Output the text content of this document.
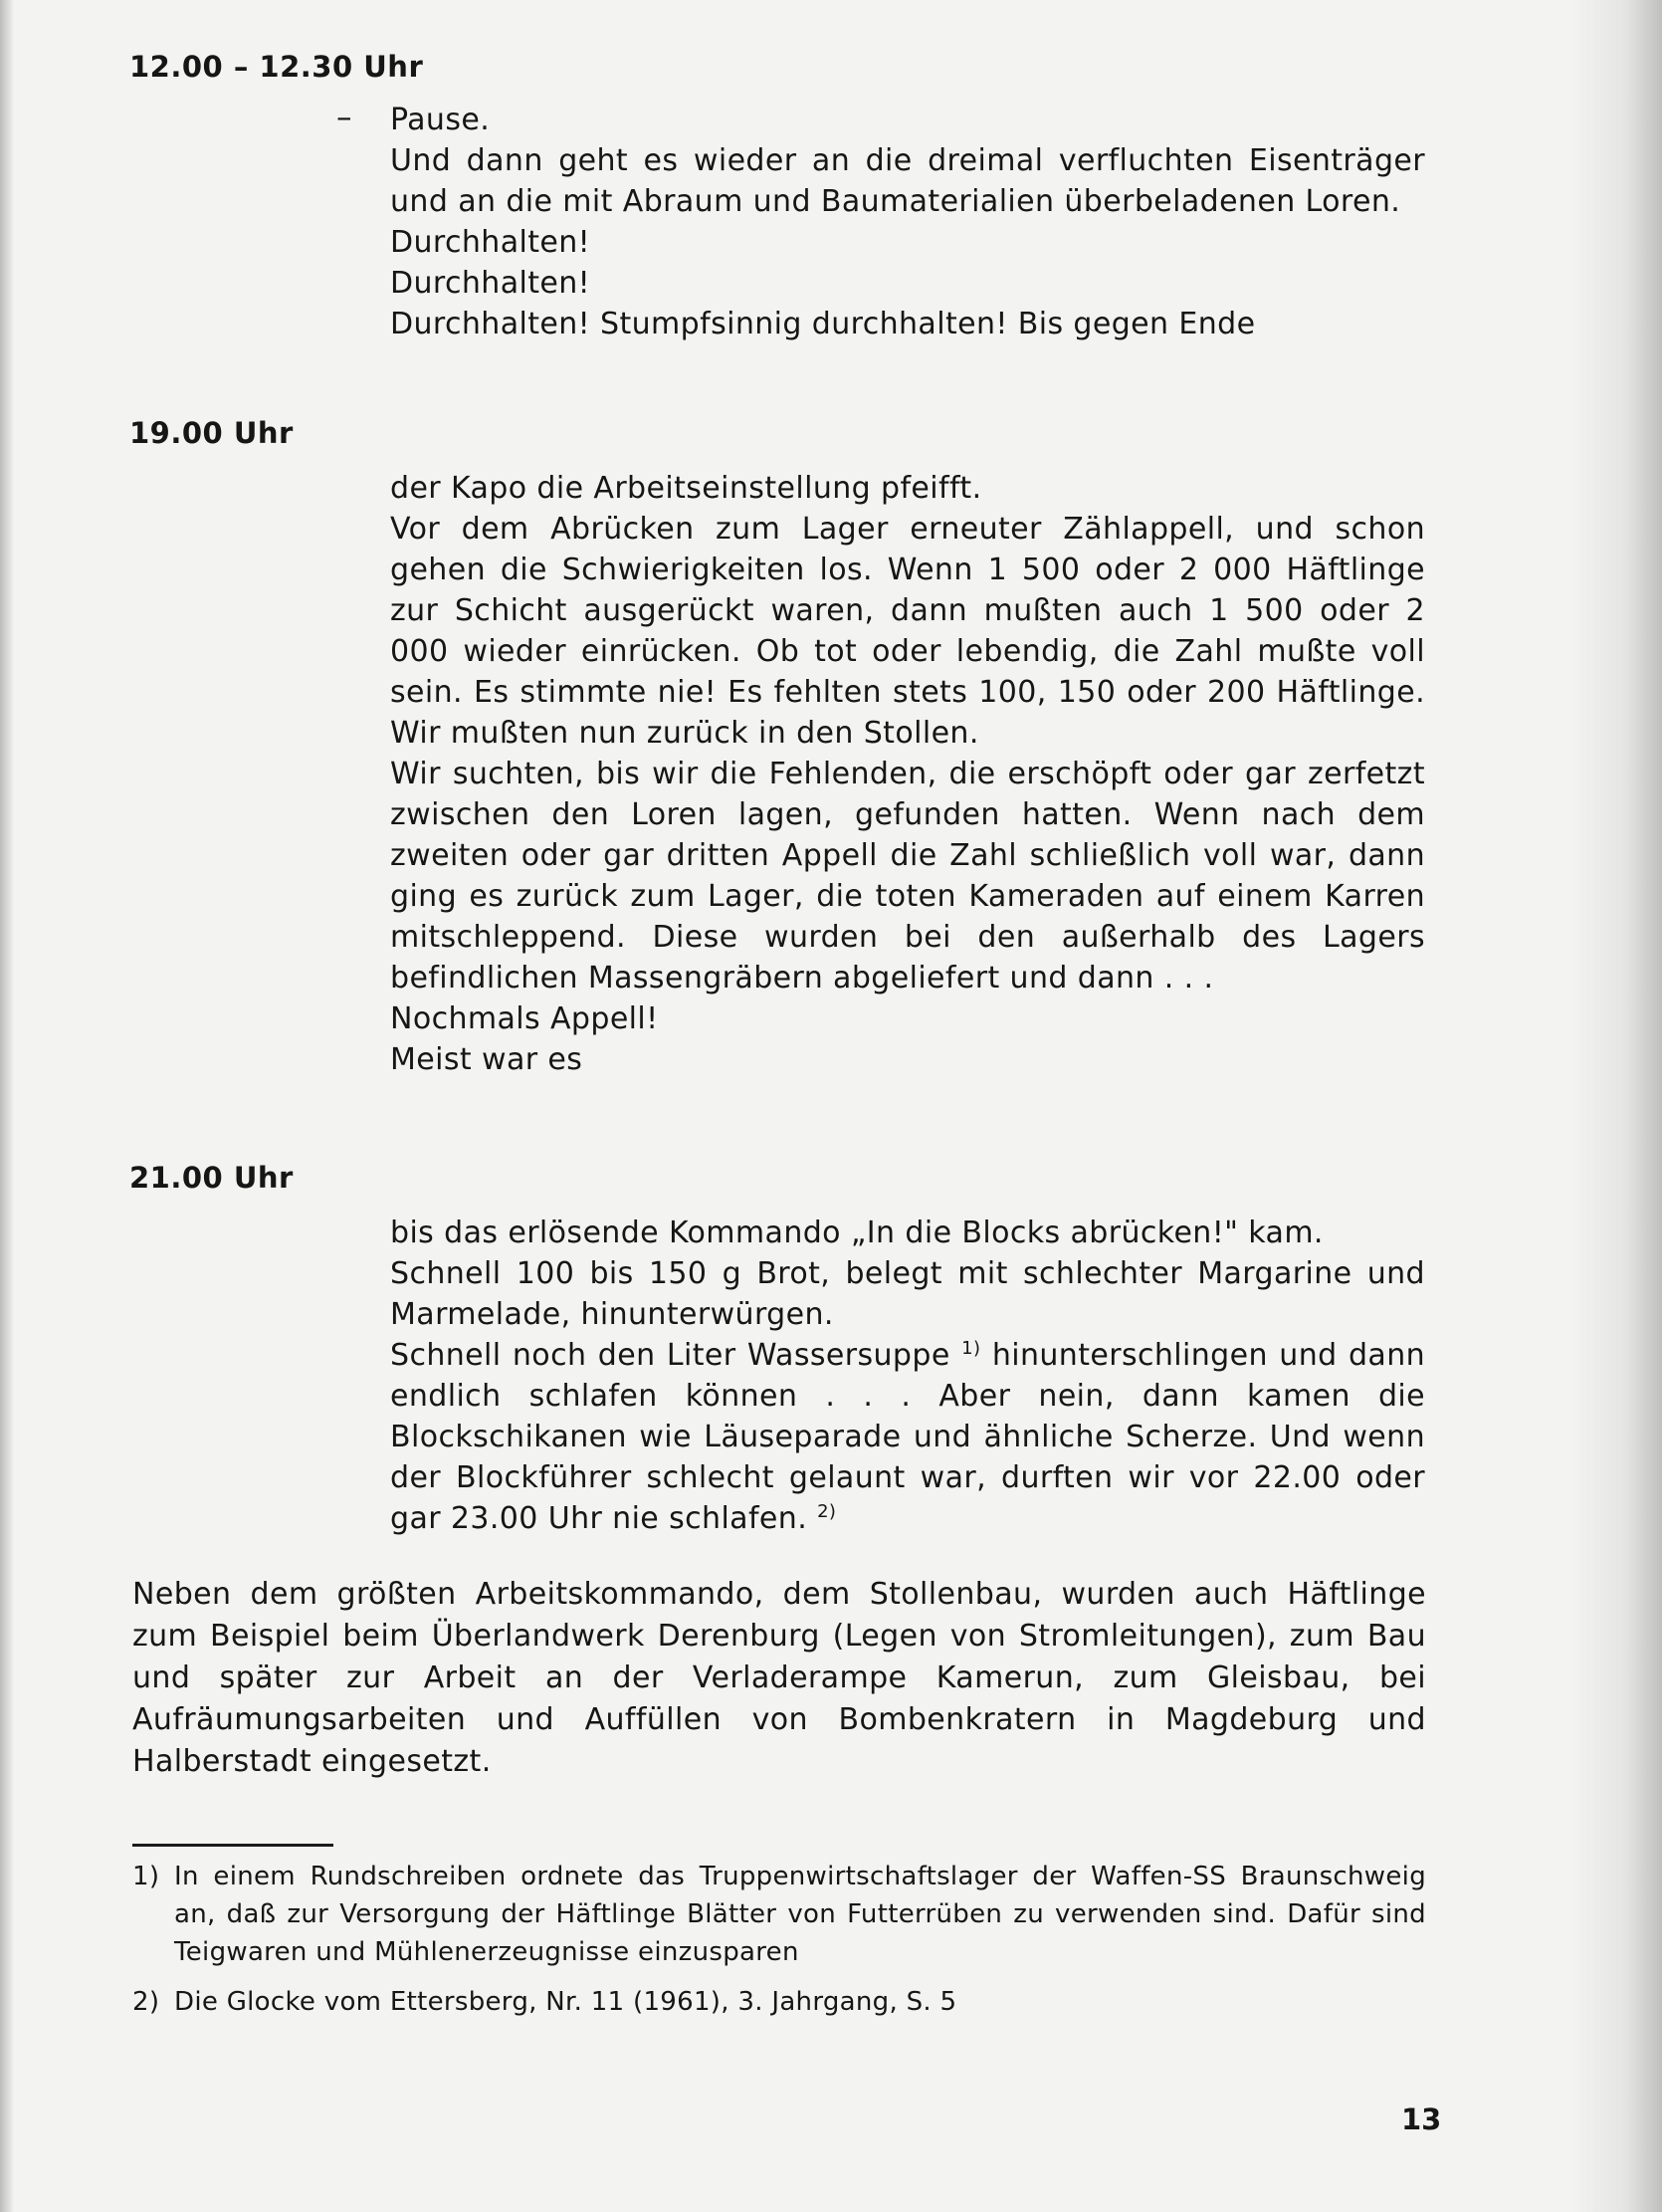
12.00 – 12.30 Uhr
– Pause.

Und dann geht es wieder an die dreimal verfluchten Eisenträger und an die mit Abraum und Baumaterialien überbeladenen Loren.

Durchhalten!

Durchhalten!

Durchhalten! Stumpfsinnig durchhalten! Bis gegen Ende

19.00 Uhr

der Kapo die Arbeitseinstellung pfeifft.

Vor dem Abrücken zum Lager erneuter Zählappell, und schon gehen die Schwierigkeiten los. Wenn 1 500 oder 2 000 Häftlinge zur Schicht ausgerückt waren, dann mußten auch 1 500 oder 2 000 wieder einrücken. Ob tot oder lebendig, die Zahl mußte voll sein. Es stimmte nie! Es fehlten stets 100, 150 oder 200 Häftlinge. Wir mußten nun zurück in den Stollen.

Wir suchten, bis wir die Fehlenden, die erschöpft oder gar zerfetzt zwischen den Loren lagen, gefunden hatten. Wenn nach dem zweiten oder gar dritten Appell die Zahl schließlich voll war, dann ging es zurück zum Lager, die toten Kameraden auf einem Karren mitschleppend. Diese wurden bei den außerhalb des Lagers befindlichen Massengräbern abgeliefert und dann . . .

Nochmals Appell!

Meist war es

21.00 Uhr

bis das erlösende Kommando „In die Blocks abrücken!" kam.

Schnell 100 bis 150 g Brot, belegt mit schlechter Margarine und Marmelade, hinunterwürgen.

Schnell noch den Liter Wassersuppe $^{1)}$ hinunterschlingen und dann endlich schlafen können . . . Aber nein, dann kamen die Blockschikanen wie Läuseparade und ähnliche Scherze. Und wenn der Blockführer schlecht gelaunt war, durften wir vor 22.00 oder gar 23.00 Uhr nie schlafen. $^{2)}$

Neben dem größten Arbeitskommando, dem Stollenbau, wurden auch Häftlinge zum Beispiel beim Überlandwerk Derenburg (Legen von Stromleitungen), zum Bau und später zur Arbeit an der Verladerampe Kamerun, zum Gleisbau, bei Aufräumungsarbeiten und Auffüllen von Bombenkratern in Magdeburg und Halberstadt eingesetzt.

1) In einem Rundschreiben ordnete das Truppenwirtschaftslager der Waffen-SS Braunschweig an, daß zur Versorgung der Häftlinge Blätter von Futterrüben zu verwenden sind. Dafür sind Teigwaren und Mühlenerzeugnisse einzusparen
2) Die Glocke vom Ettersberg, Nr. 11 (1961), 3. Jahrgang, S. 5
13
